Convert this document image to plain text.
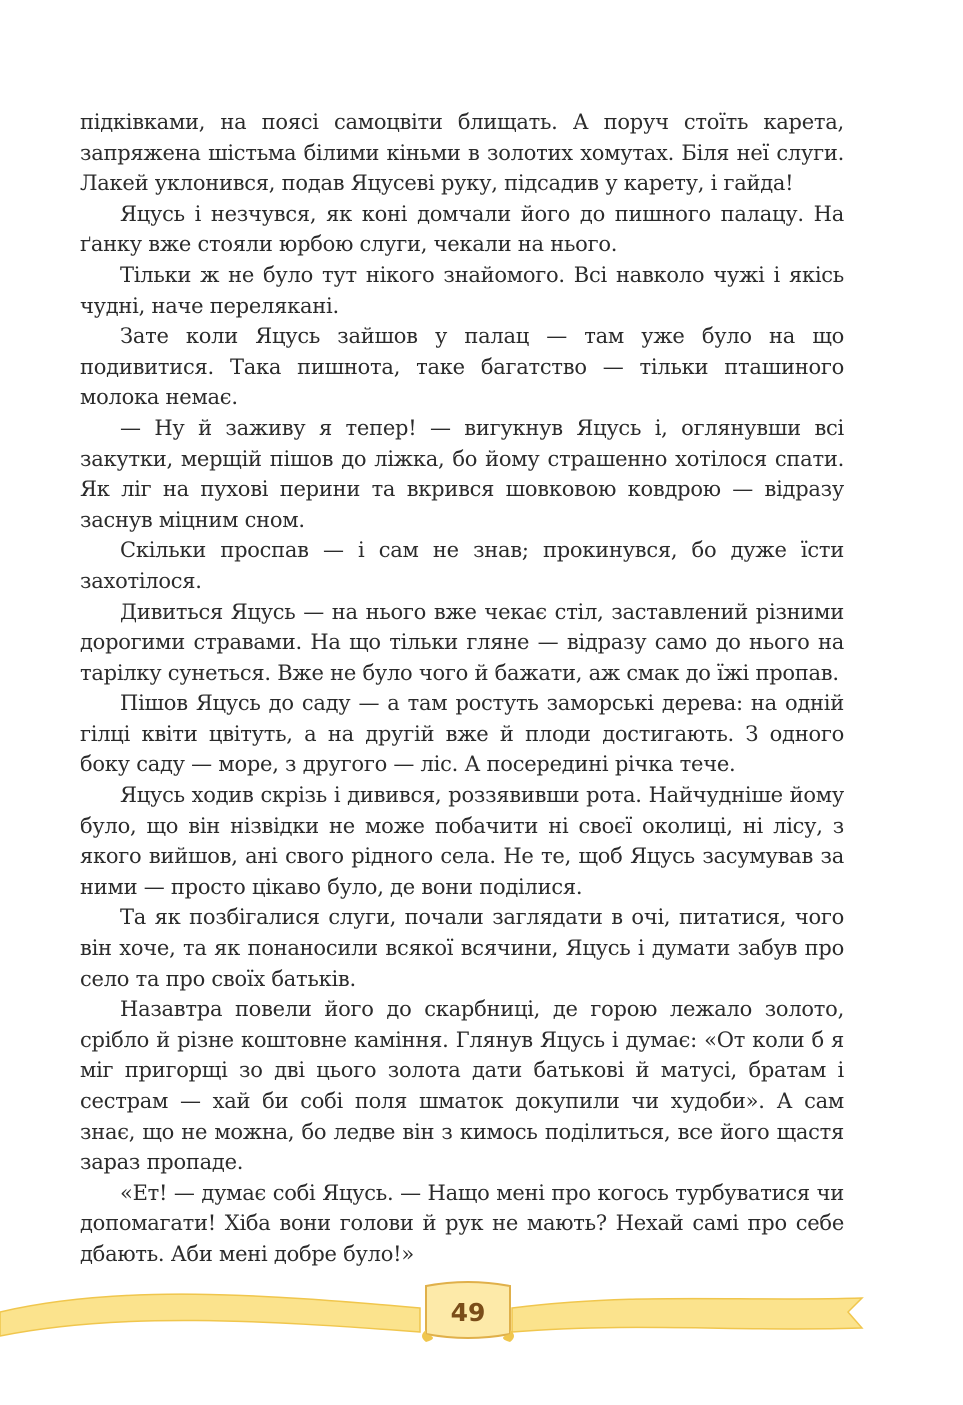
підківками, на поясі самоцвіти блищать. А поруч стоїть карета, запряжена шістьма білими кіньми в золотих хомутах. Біля неї слуги. Лакей уклонився, подав Яцусеві руку, підсадив у карету, і гайда!

Яцусь і незчувся, як коні домчали його до пишного палацу. На ґанку вже стояли юрбою слуги, чекали на нього.

Тільки ж не було тут нікого знайомого. Всі навколо чужі і якісь чудні, наче перелякані.

Зате коли Яцусь зайшов у палац — там уже було на що подивитися. Така пишнота, таке багатство — тільки пташиного молока немає.

— Ну й заживу я тепер! — вигукнув Яцусь і, оглянувши всі закутки, мерщій пішов до ліжка, бо йому страшенно хотілося спати. Як ліг на пухові перини та вкрився шовковою ковдрою — відразу заснув міцним сном.

Скільки проспав — і сам не знав; прокинувся, бо дуже їсти захотілося.

Дивиться Яцусь — на нього вже чекає стіл, заставлений різними дорогими стравами. На що тільки гляне — відразу само до нього на тарілку сунеться. Вже не було чого й бажати, аж смак до їжі пропав.

Пішов Яцусь до саду — а там ростуть заморські дерева: на одній гілці квіти цвітуть, а на другій вже й плоди достигають. З одного боку саду — море, з другого — ліс. А посередині річка тече.

Яцусь ходив скрізь і дивився, роззявивши рота. Найчудніше йому було, що він нізвідки не може побачити ні своєї околиці, ні лісу, з якого вийшов, ані свого рідного села. Не те, щоб Яцусь засумував за ними — просто цікаво було, де вони поділися.

Та як позбігалися слуги, почали заглядати в очі, питатися, чого він хоче, та як понаносили всякої всячини, Яцусь і думати забув про село та про своїх батьків.

Назавтра повели його до скарбниці, де горою лежало золото, срібло й різне коштовне каміння. Глянув Яцусь і думає: «От коли б я міг пригорщі зо дві цього золота дати батькові й матусі, братам і сестрам — хай би собі поля шматок докупили чи худоби». А сам знає, що не можна, бо ледве він з кимось поділиться, все його щастя зараз пропаде.

«Ет! — думає собі Яцусь. — Нащо мені про когось турбуватися чи допомагати! Хіба вони голови й рук не мають? Нехай самі про себе дбають. Аби мені добре було!»

49
